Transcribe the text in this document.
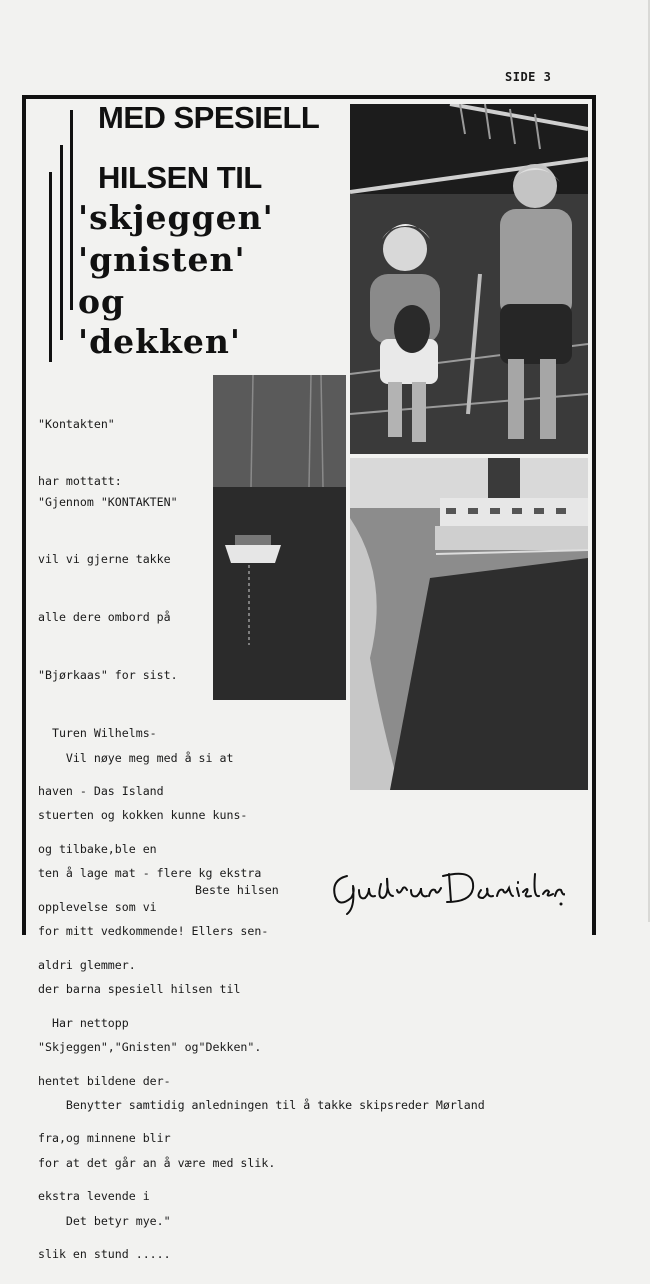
SIDE 3
MED SPESIELL
HILSEN TIL
'skjeggen'
'gnisten'
og
'dekken'

"Kontakten"

har mottatt:

"Gjennom "KONTAKTEN"

vil vi gjerne takke

alle dere ombord på

"Bjørkaas" for sist.

Turen Wilhelms-

haven - Das Island

og tilbake,ble en

opplevelse som vi

aldri glemmer.

Har nettopp

hentet bildene der-

fra,og minnene blir

ekstra levende i

slik en stund .....

Vil nøye meg med å si at

stuerten og kokken kunne kuns-

ten å lage mat - flere kg ekstra

for mitt vedkommende! Ellers sen-

der barna spesiell hilsen til

"Skjeggen","Gnisten" og"Dekken".

Benytter samtidig anledningen til å takke skipsreder Mørland

for at det går an å være med slik.

Det betyr mye."

Beste hilsen
